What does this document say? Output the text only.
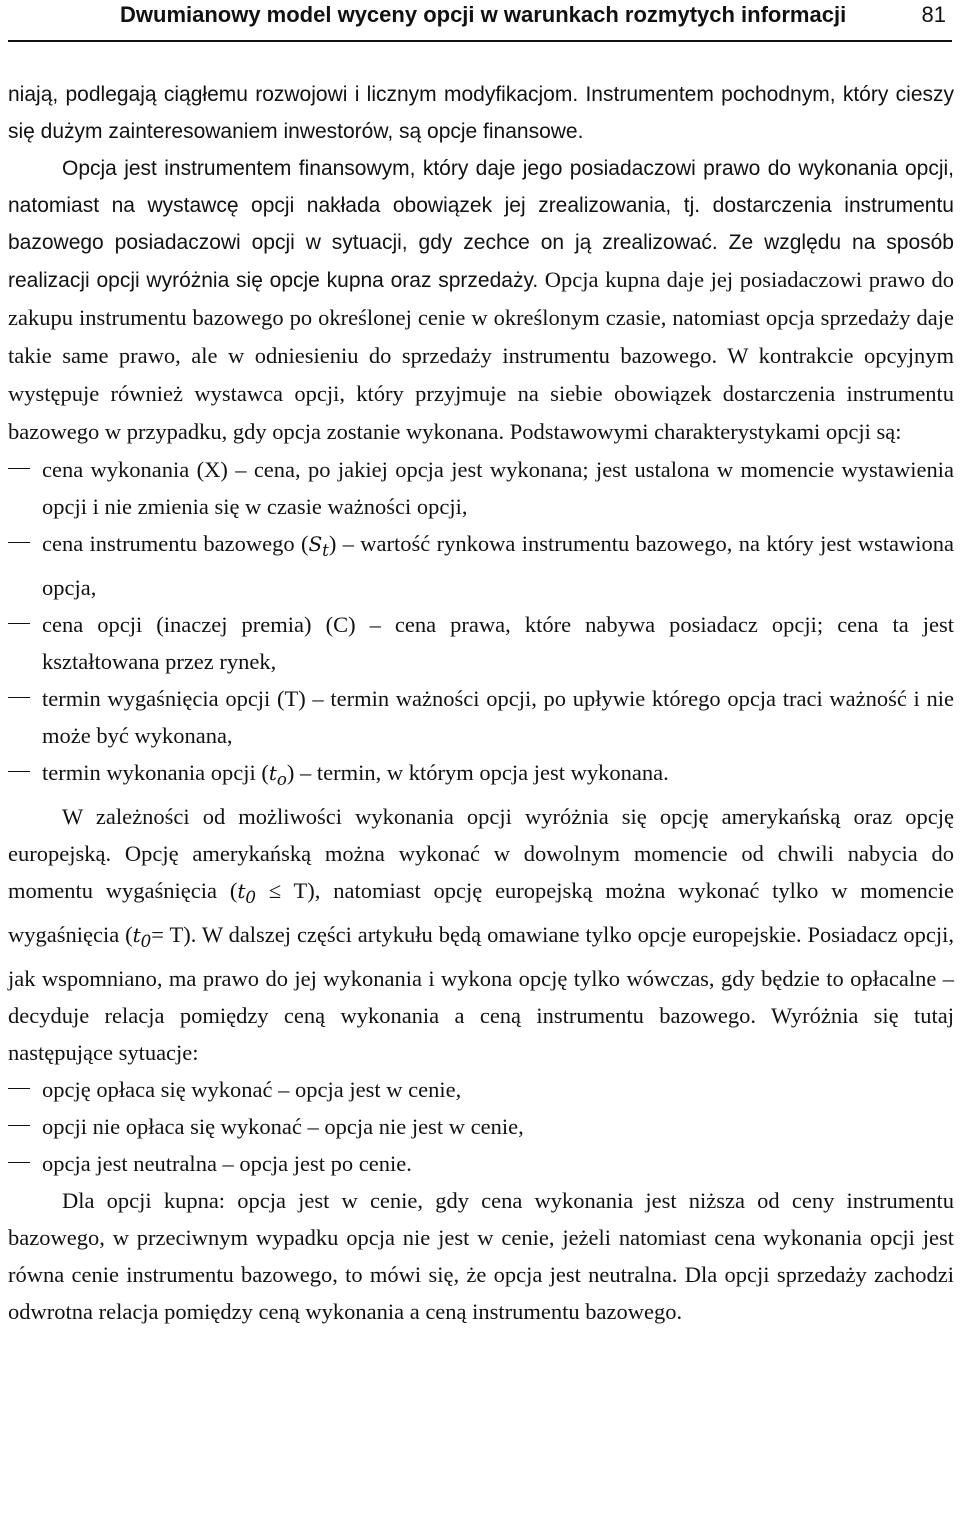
Dwumianowy model wyceny opcji w warunkach rozmytych informacji	81

niają, podlegają ciągłemu rozwojowi i licznym modyfikacjom. Instrumentem pochodnym, który cieszy się dużym zainteresowaniem inwestorów, są opcje finansowe.

Opcja jest instrumentem finansowym, który daje jego posiadaczowi prawo do wykonania opcji, natomiast na wystawcę opcji nakłada obowiązek jej zrealizowania, tj. dostarczenia instrumentu bazowego posiadaczowi opcji w sytuacji, gdy zechce on ją zrealizować. Ze względu na sposób realizacji opcji wyróżnia się opcje kupna oraz sprzedaży. Opcja kupna daje jej posiadaczowi prawo do zakupu instrumentu bazowego po określonej cenie w określonym czasie, natomiast opcja sprzedaży daje takie same prawo, ale w odniesieniu do sprzedaży instrumentu bazowego. W kontrakcie opcyjnym występuje również wystawca opcji, który przyjmuje na siebie obowiązek dostarczenia instrumentu bazowego w przypadku, gdy opcja zostanie wykonana. Podstawowymi charakterystykami opcji są:

cena wykonania (X) – cena, po jakiej opcja jest wykonana; jest ustalona w momencie wystawienia opcji i nie zmienia się w czasie ważności opcji,
cena instrumentu bazowego $(S_t)$ – wartość rynkowa instrumentu bazowego, na który jest wstawiona opcja,
cena opcji (inaczej premia) (C) – cena prawa, które nabywa posiadacz opcji; cena ta jest kształtowana przez rynek,
termin wygaśnięcia opcji (T) – termin ważności opcji, po upływie którego opcja traci ważność i nie może być wykonana,
termin wykonania opcji $(t_o)$ – termin, w którym opcja jest wykonana.

W zależności od możliwości wykonania opcji wyróżnia się opcję amerykańską oraz opcję europejską. Opcję amerykańską można wykonać w dowolnym momencie od chwili nabycia do momentu wygaśnięcia $(t_0 \le T)$, natomiast opcję europejską można wykonać tylko w momencie wygaśnięcia $(t_0= T)$. W dalszej części artykułu będą omawiane tylko opcje europejskie. Posiadacz opcji, jak wspomniano, ma prawo do jej wykonania i wykona opcję tylko wówczas, gdy będzie to opłacalne – decyduje relacja pomiędzy ceną wykonania a ceną instrumentu bazowego. Wyróżnia się tutaj następujące sytuacje:

opcję opłaca się wykonać – opcja jest w cenie,
opcji nie opłaca się wykonać – opcja nie jest w cenie,
opcja jest neutralna – opcja jest po cenie.

Dla opcji kupna: opcja jest w cenie, gdy cena wykonania jest niższa od ceny instrumentu bazowego, w przeciwnym wypadku opcja nie jest w cenie, jeżeli natomiast cena wykonania opcji jest równa cenie instrumentu bazowego, to mówi się, że opcja jest neutralna. Dla opcji sprzedaży zachodzi odwrotna relacja pomiędzy ceną wykonania a ceną instrumentu bazowego.
